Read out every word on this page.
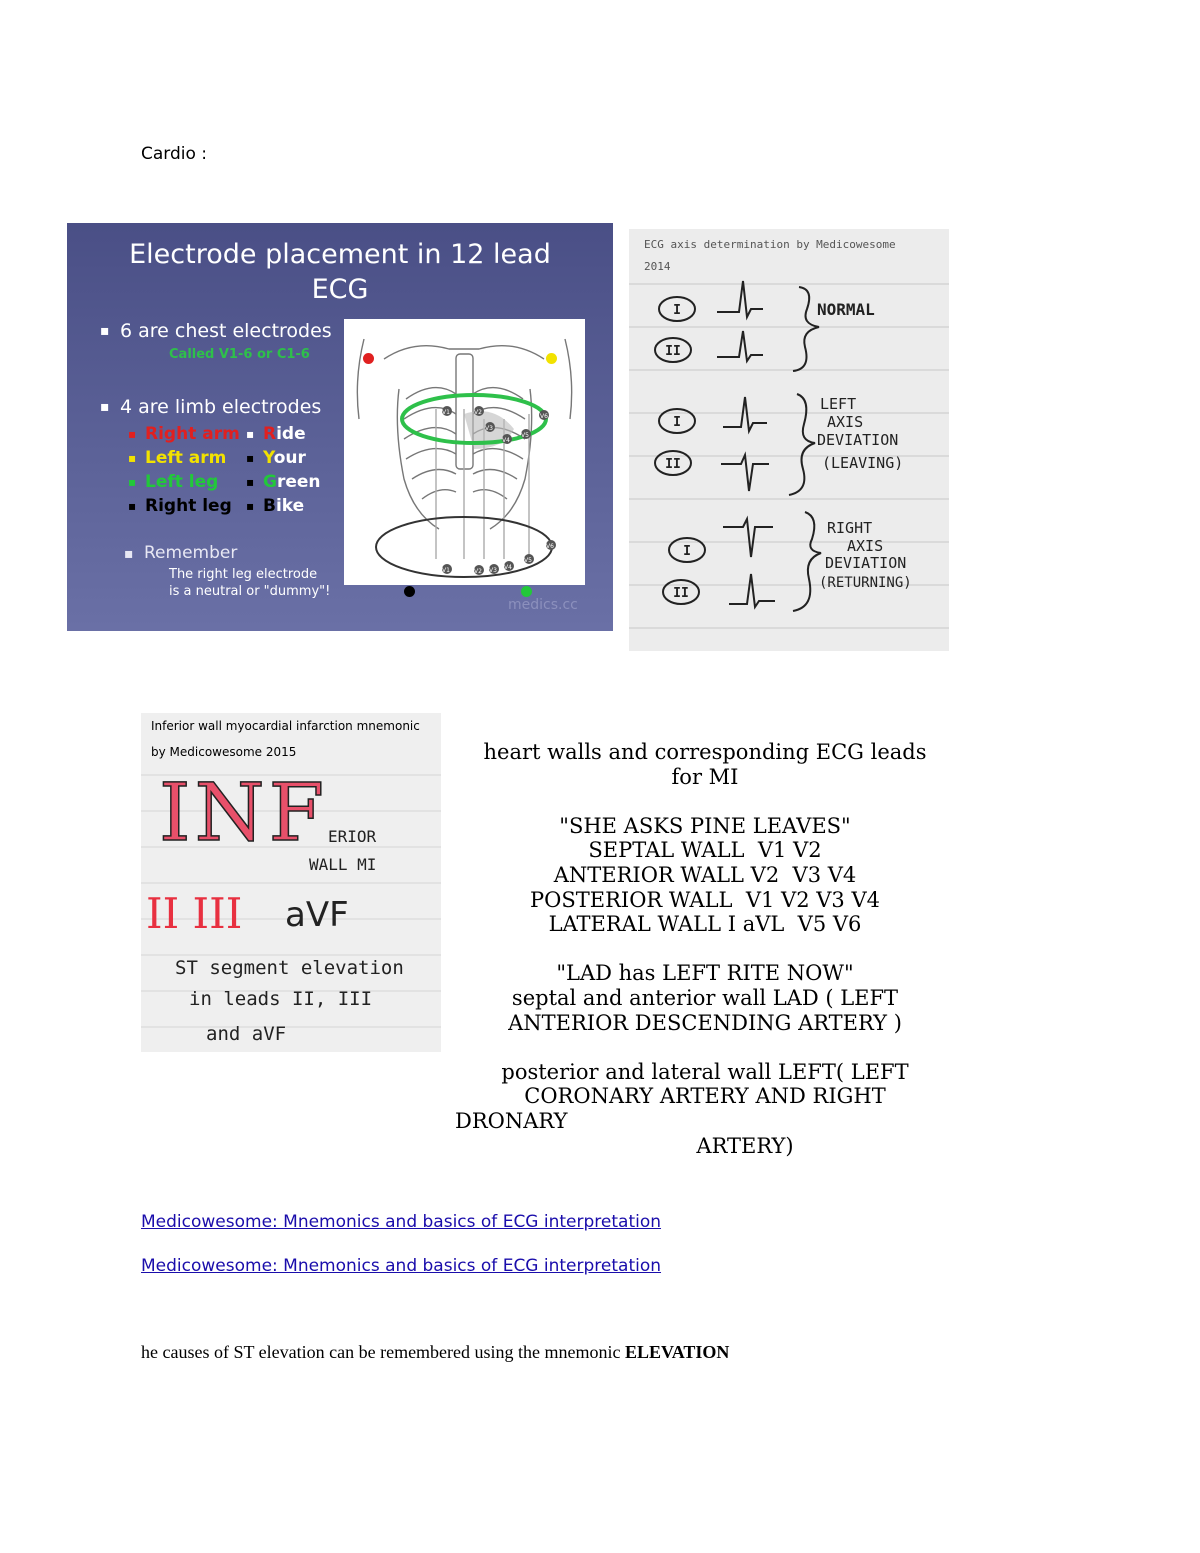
Cardio :
Electrode placement in 12 lead
ECG
▪ 6 are chest electrodes
Called V1-6 or C1-6
▪ 4 are limb electrodes
▪ Right arm ▪ Ride
▪ Left arm ▪ Your
▪ Left leg	▪ Green
▪ Right leg ▪ Bike
▪ Remember
The right leg electrode
is a neutral or "dummy"!
V1	V2
V3
V4
V5
V6
V1	V2 V3 V4
V5
V6
medics.cc
ECG axis determination by Medicowesome
2014
I
II
I
II
I
II
NORMAL
LEFT
AXIS
DEVIATION
(LEAVING)
RIGHT
AXIS
DEVIATION
(RETURNING)
Inferior wall myocardial infarction mnemonic
by Medicowesome 2015
INF ERIOR
WALL MI
II III aVF
ST segment elevation
in leads II, III
and aVF
heart walls and corresponding ECG leads
for MI

"SHE ASKS PINE LEAVES"
SEPTAL WALL  V1 V2
ANTERIOR WALL V2  V3 V4
POSTERIOR WALL  V1 V2 V3 V4
LATERAL WALL I aVL  V5 V6

"LAD has LEFT RITE NOW"
septal and anterior wall LAD ( LEFT
ANTERIOR DESCENDING ARTERY )

posterior and lateral wall LEFT( LEFT
CORONARY ARTERY AND RIGHT
DRONARY
ARTERY)
Medicowesome: Mnemonics and basics of ECG interpretation
Medicowesome: Mnemonics and basics of ECG interpretation
he causes of ST elevation can be remembered using the mnemonic ELEVATION
